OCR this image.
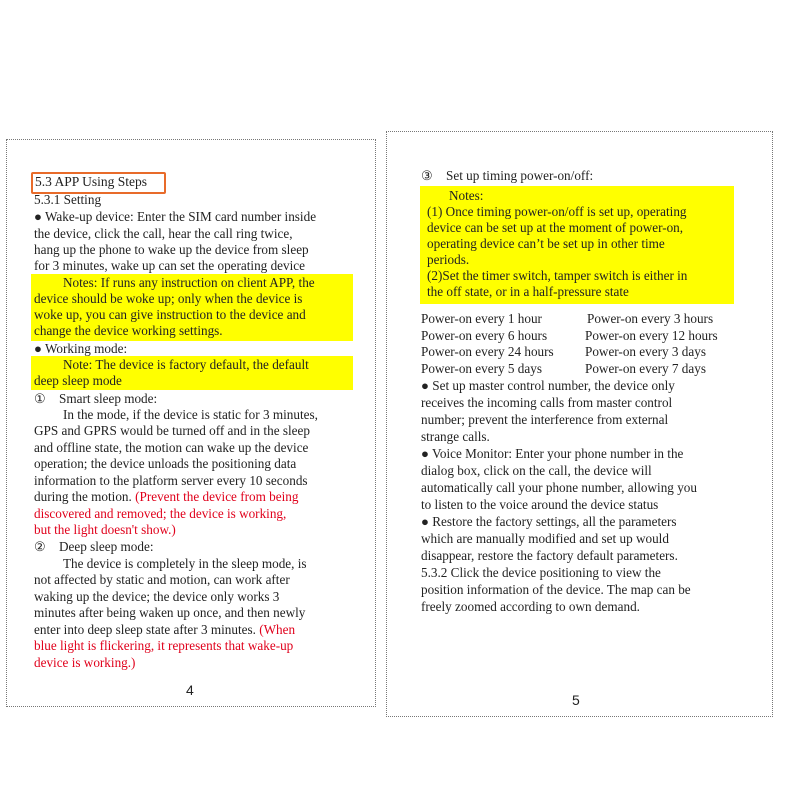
5.3 APP Using Steps
5.3.1 Setting
● Wake-up device: Enter the SIM card number inside
the device, click the call, hear the call ring twice,
hang up the phone to wake up the device from sleep
for 3 minutes, wake up can set the operating device
Notes: If runs any instruction on client APP, the
device should be woke up; only when the device is
woke up, you can give instruction to the device and
change the device working settings.
● Working mode:
Note: The device is factory default, the default
deep sleep mode
① Smart sleep mode:
In the mode, if the device is static for 3 minutes,
GPS and GPRS would be turned off and in the sleep
and offline state, the motion can wake up the device
operation; the device unloads the positioning data
information to the platform server every 10 seconds
during the motion. (Prevent the device from being
discovered and removed; the device is working,
but the light doesn't show.)
② Deep sleep mode:
The device is completely in the sleep mode, is
not affected by static and motion, can work after
waking up the device; the device only works 3
minutes after being waken up once, and then newly
enter into deep sleep state after 3 minutes. (When
blue light is flickering, it represents that wake-up
device is working.)
4
③ Set up timing power-on/off:
Notes:
(1) Once timing power-on/off is set up, operating
device can be set up at the moment of power-on,
operating device can’t be set up in other time
periods.
(2)Set the timer switch, tamper switch is either in
the off state, or in a half-pressure state
Power-on every 1 hour
Power-on every 6 hours
Power-on every 24 hours
Power-on every 5 days
Power-on every 3 hours
Power-on every 12 hours
Power-on every 3 days
Power-on every 7 days
● Set up master control number, the device only
receives the incoming calls from master control
number; prevent the interference from external
strange calls.
● Voice Monitor: Enter your phone number in the
dialog box, click on the call, the device will
automatically call your phone number, allowing you
to listen to the voice around the device status
● Restore the factory settings, all the parameters
which are manually modified and set up would
disappear, restore the factory default parameters.
5.3.2 Click the device positioning to view the
position information of the device. The map can be
freely zoomed according to own demand.
5
